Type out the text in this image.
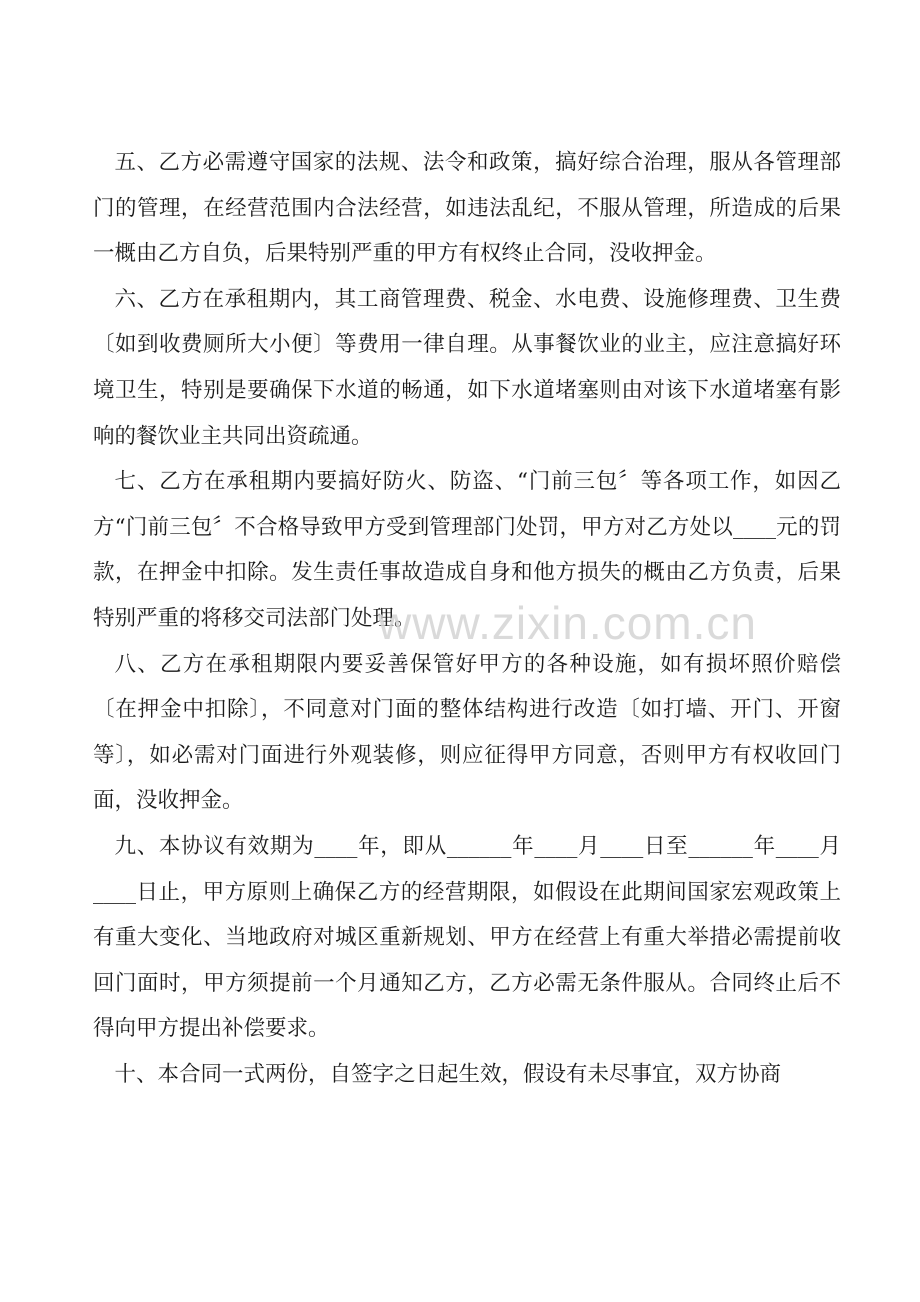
五、乙方必需遵守国家的法规、法令和政策，搞好综合治理，服从各管理部门的管理，在经营范围内合法经营，如违法乱纪，不服从管理，所造成的后果一概由乙方自负，后果特别严重的甲方有权终止合同，没收押金。

六、乙方在承租期内，其工商管理费、税金、水电费、设施修理费、卫生费〔如到收费厕所大小便〕等费用一律自理。从事餐饮业的业主，应注意搞好环境卫生，特别是要确保下水道的畅通，如下水道堵塞则由对该下水道堵塞有影响的餐饮业主共同出资疏通。

七、乙方在承租期内要搞好防火、防盗、“门前三包〞等各项工作，如因乙方“门前三包〞不合格导致甲方受到管理部门处罚，甲方对乙方处以____元的罚款，在押金中扣除。发生责任事故造成自身和他方损失的概由乙方负责，后果特别严重的将移交司法部门处理。

八、乙方在承租期限内要妥善保管好甲方的各种设施，如有损坏照价赔偿〔在押金中扣除〕，不同意对门面的整体结构进行改造〔如打墙、开门、开窗等〕，如必需对门面进行外观装修，则应征得甲方同意，否则甲方有权收回门面，没收押金。

九、本协议有效期为____年，即从______年____月____日至______年____月____日止，甲方原则上确保乙方的经营期限，如假设在此期间国家宏观政策上有重大变化、当地政府对城区重新规划、甲方在经营上有重大举措必需提前收回门面时，甲方须提前一个月通知乙方，乙方必需无条件服从。合同终止后不得向甲方提出补偿要求。

十、本合同一式两份，自签字之日起生效，假设有未尽事宜，双方协商

www.zixin.com.cn
